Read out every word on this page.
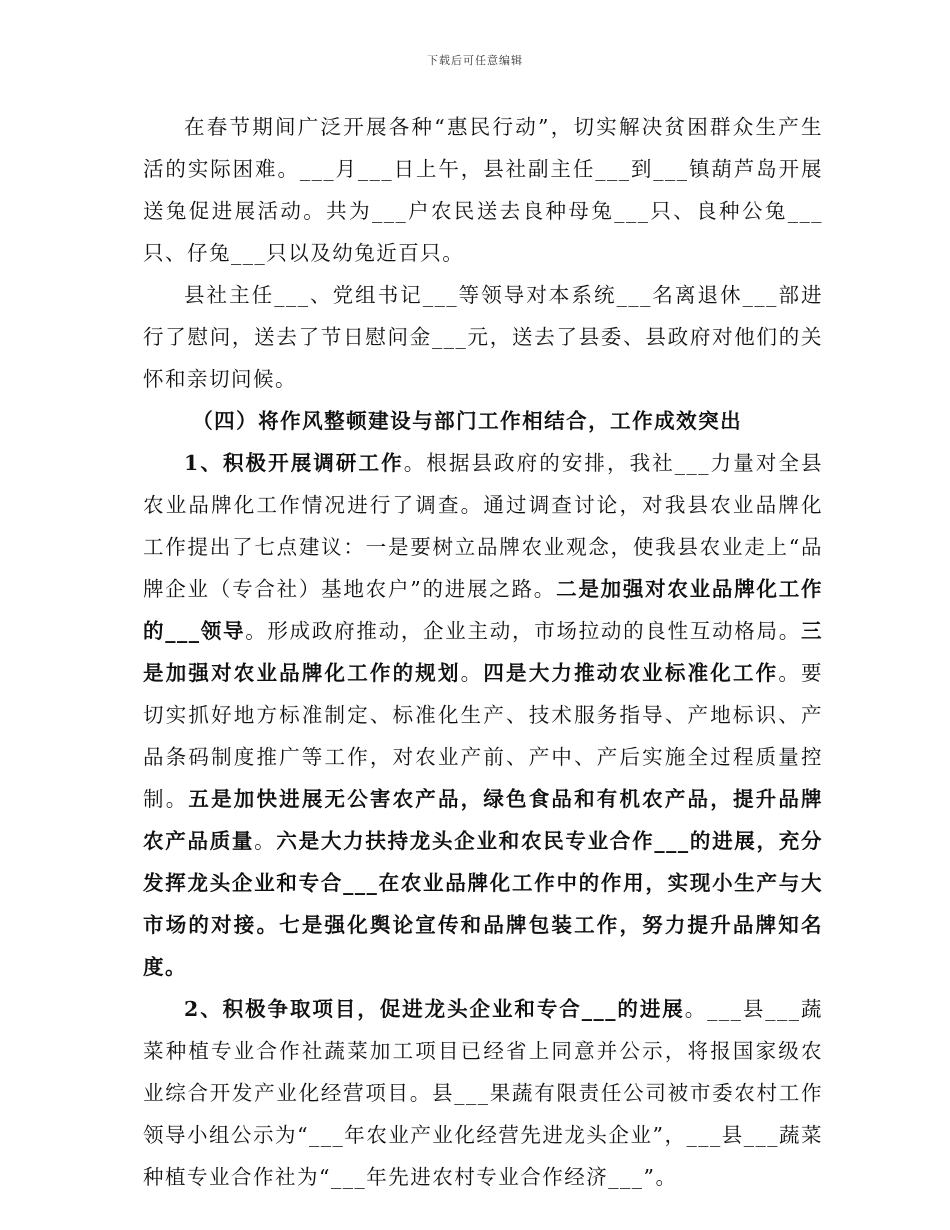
下载后可任意编辑

在春节期间广泛开展各种“惠民行动”，切实解决贫困群众生产生活的实际困难。___月___日上午，县社副主任___到___镇葫芦岛开展送兔促进展活动。共为___户农民送去良种母兔___只、良种公兔___只、仔兔___只以及幼兔近百只。

县社主任___、党组书记___等领导对本系统___名离退休___部进行了慰问，送去了节日慰问金___元，送去了县委、县政府对他们的关怀和亲切问候。

（四）将作风整顿建设与部门工作相结合，工作成效突出

1、积极开展调研工作。根据县政府的安排，我社___力量对全县农业品牌化工作情况进行了调查。通过调查讨论，对我县农业品牌化工作提出了七点建议：一是要树立品牌农业观念，使我县农业走上“品牌企业（专合社）基地农户”的进展之路。二是加强对农业品牌化工作的___领导。形成政府推动，企业主动，市场拉动的良性互动格局。三是加强对农业品牌化工作的规划。四是大力推动农业标准化工作。要切实抓好地方标准制定、标准化生产、技术服务指导、产地标识、产品条码制度推广等工作，对农业产前、产中、产后实施全过程质量控制。五是加快进展无公害农产品，绿色食品和有机农产品，提升品牌农产品质量。六是大力扶持龙头企业和农民专业合作___的进展，充分发挥龙头企业和专合___在农业品牌化工作中的作用，实现小生产与大市场的对接。七是强化舆论宣传和品牌包装工作，努力提升品牌知名度。

2、积极争取项目，促进龙头企业和专合___的进展。___县___蔬菜种植专业合作社蔬菜加工项目已经省上同意并公示，将报国家级农业综合开发产业化经营项目。县___果蔬有限责任公司被市委农村工作领导小组公示为“___年农业产业化经营先进龙头企业”，___县___蔬菜种植专业合作社为“___年先进农村专业合作经济___”。
